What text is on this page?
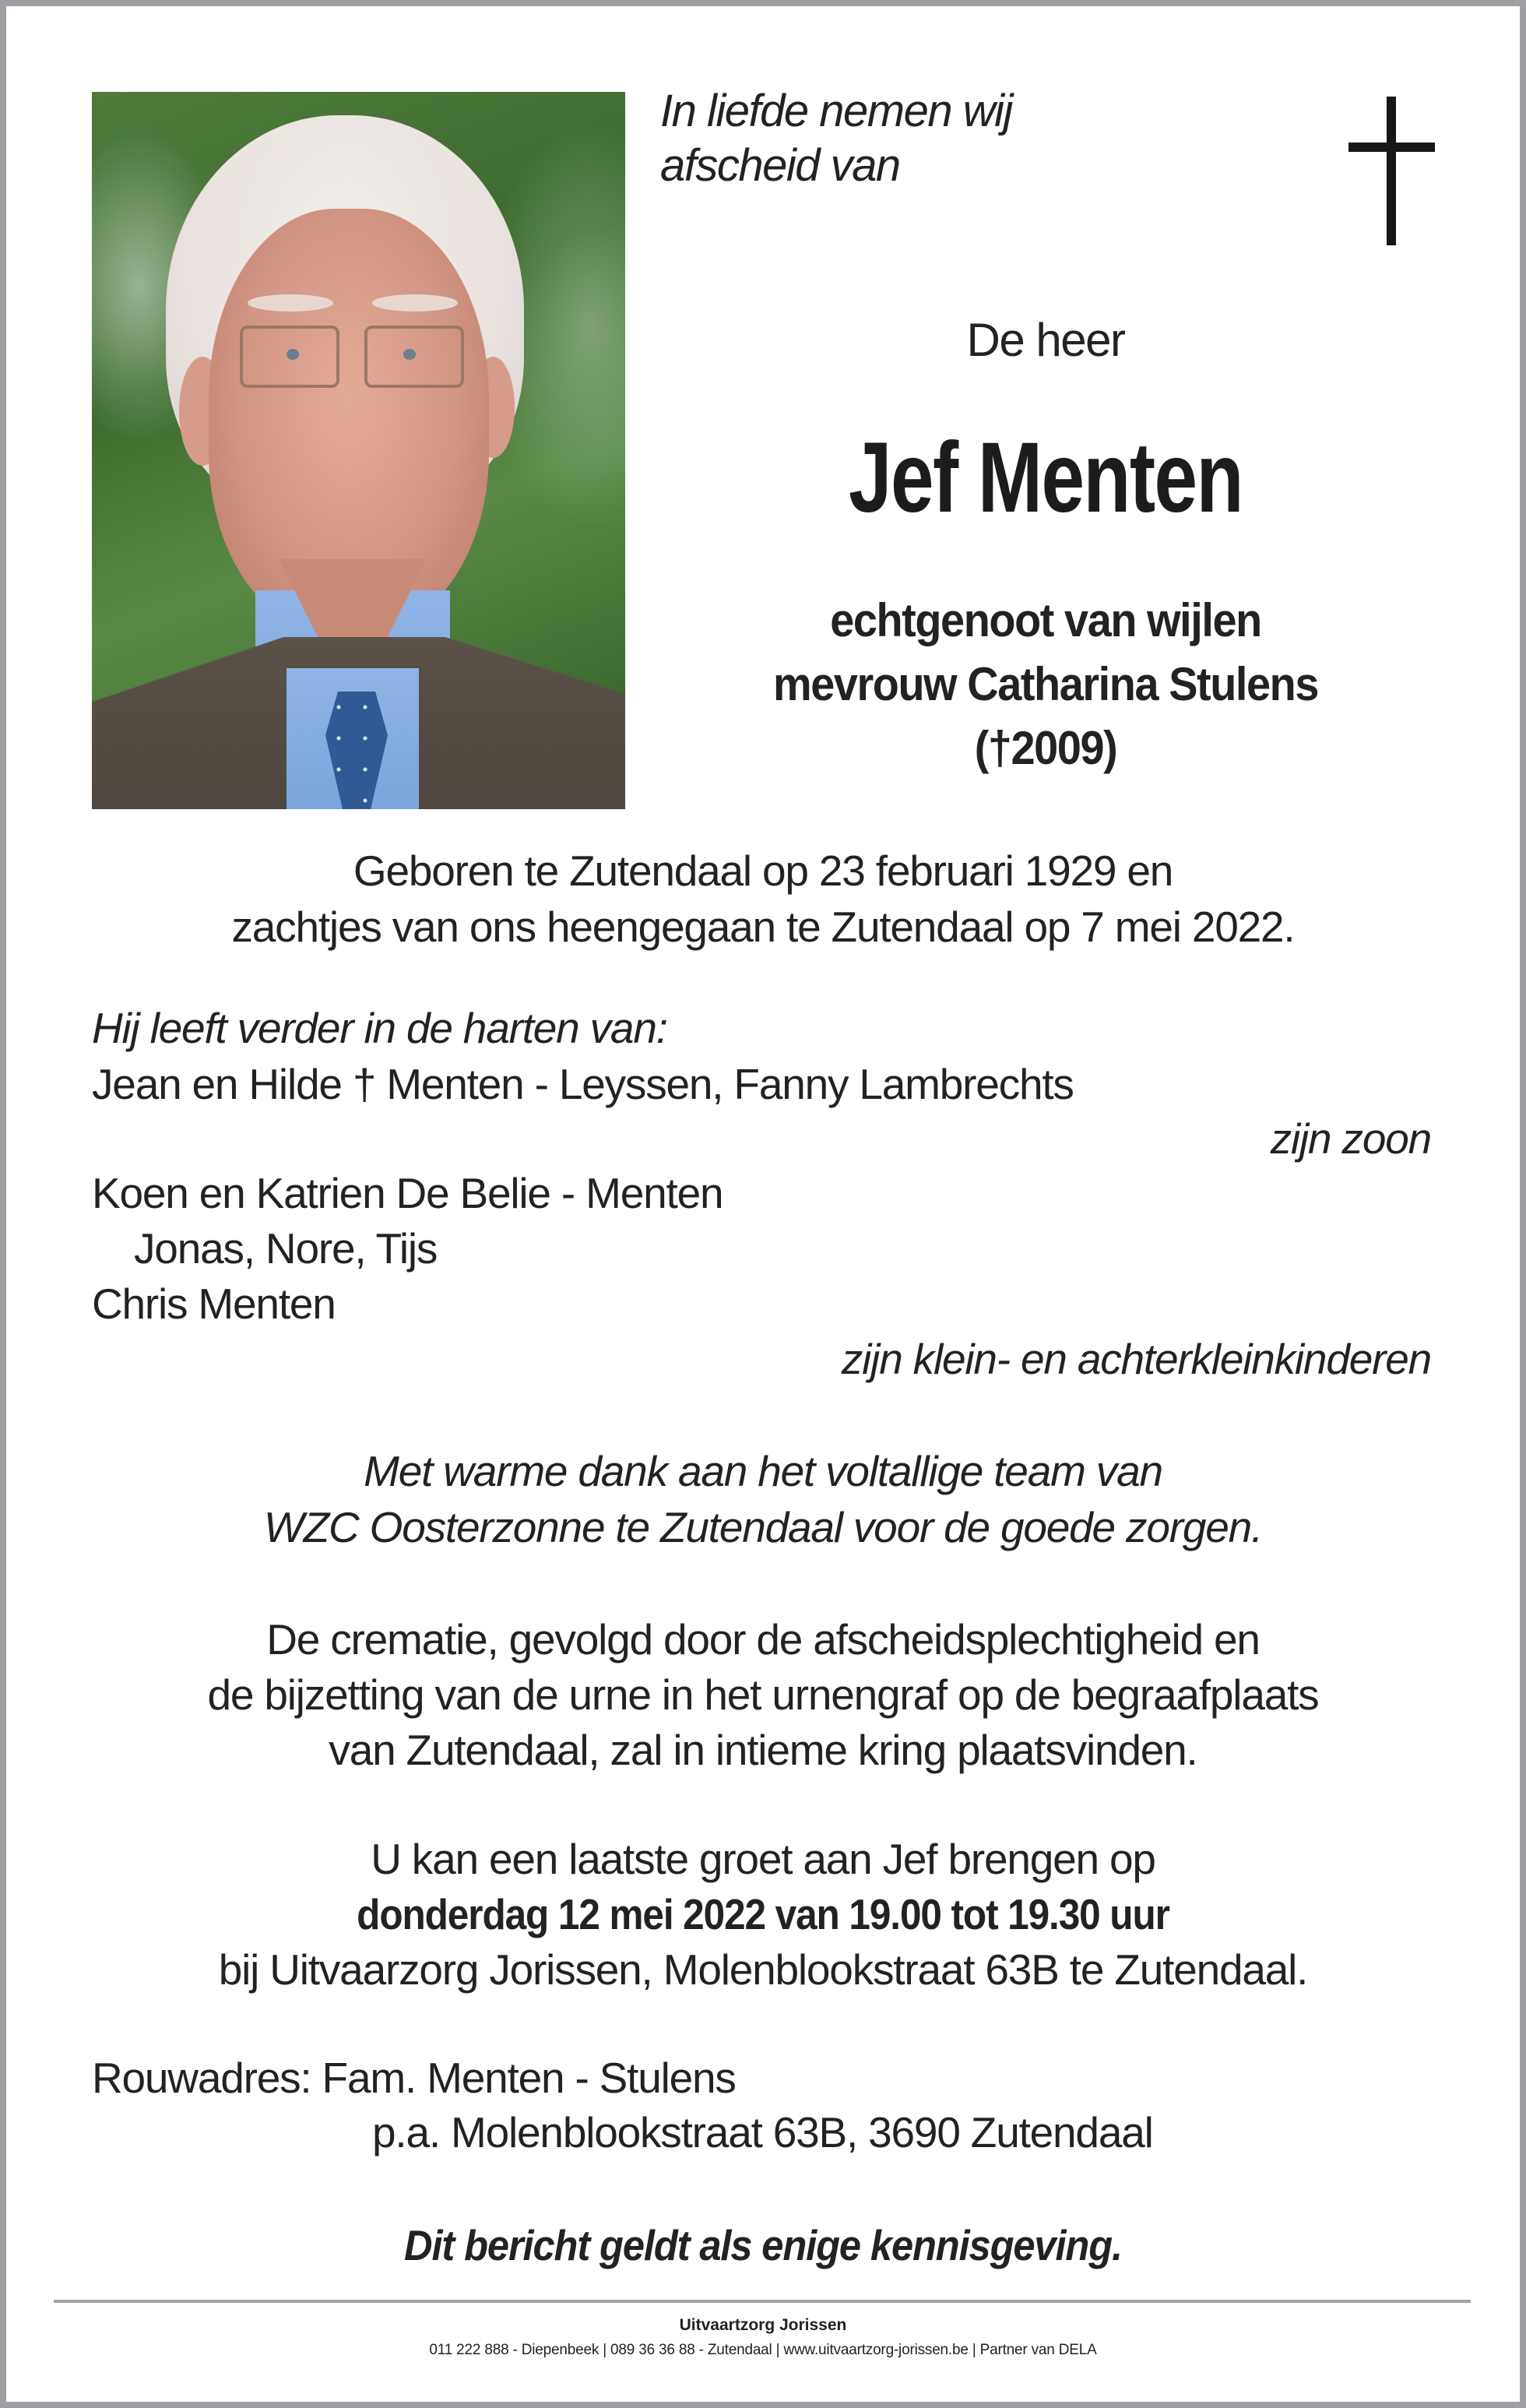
In liefde nemen wij
afscheid van
De heer
Jef Menten
echtgenoot van wijlen
mevrouw Catharina Stulens
(†2009)
Geboren te Zutendaal op 23 februari 1929 en
zachtjes van ons heengegaan te Zutendaal op 7 mei 2022.
Hij leeft verder in de harten van:
Jean en Hilde † Menten - Leyssen, Fanny Lambrechts
zijn zoon
Koen en Katrien De Belie - Menten
Jonas, Nore, Tijs
Chris Menten
zijn klein- en achterkleinkinderen
Met warme dank aan het voltallige team van
WZC Oosterzonne te Zutendaal voor de goede zorgen.
De crematie, gevolgd door de afscheidsplechtigheid en
de bijzetting van de urne in het urnengraf op de begraafplaats
van Zutendaal, zal in intieme kring plaatsvinden.
U kan een laatste groet aan Jef brengen op
donderdag 12 mei 2022 van 19.00 tot 19.30 uur
bij Uitvaarzorg Jorissen, Molenblookstraat 63B te Zutendaal.
Rouwadres: Fam. Menten - Stulens
p.a. Molenblookstraat 63B, 3690 Zutendaal
Dit bericht geldt als enige kennisgeving.
Uitvaartzorg Jorissen
011 222 888 - Diepenbeek | 089 36 36 88 - Zutendaal | www.uitvaartzorg-jorissen.be | Partner van DELA
